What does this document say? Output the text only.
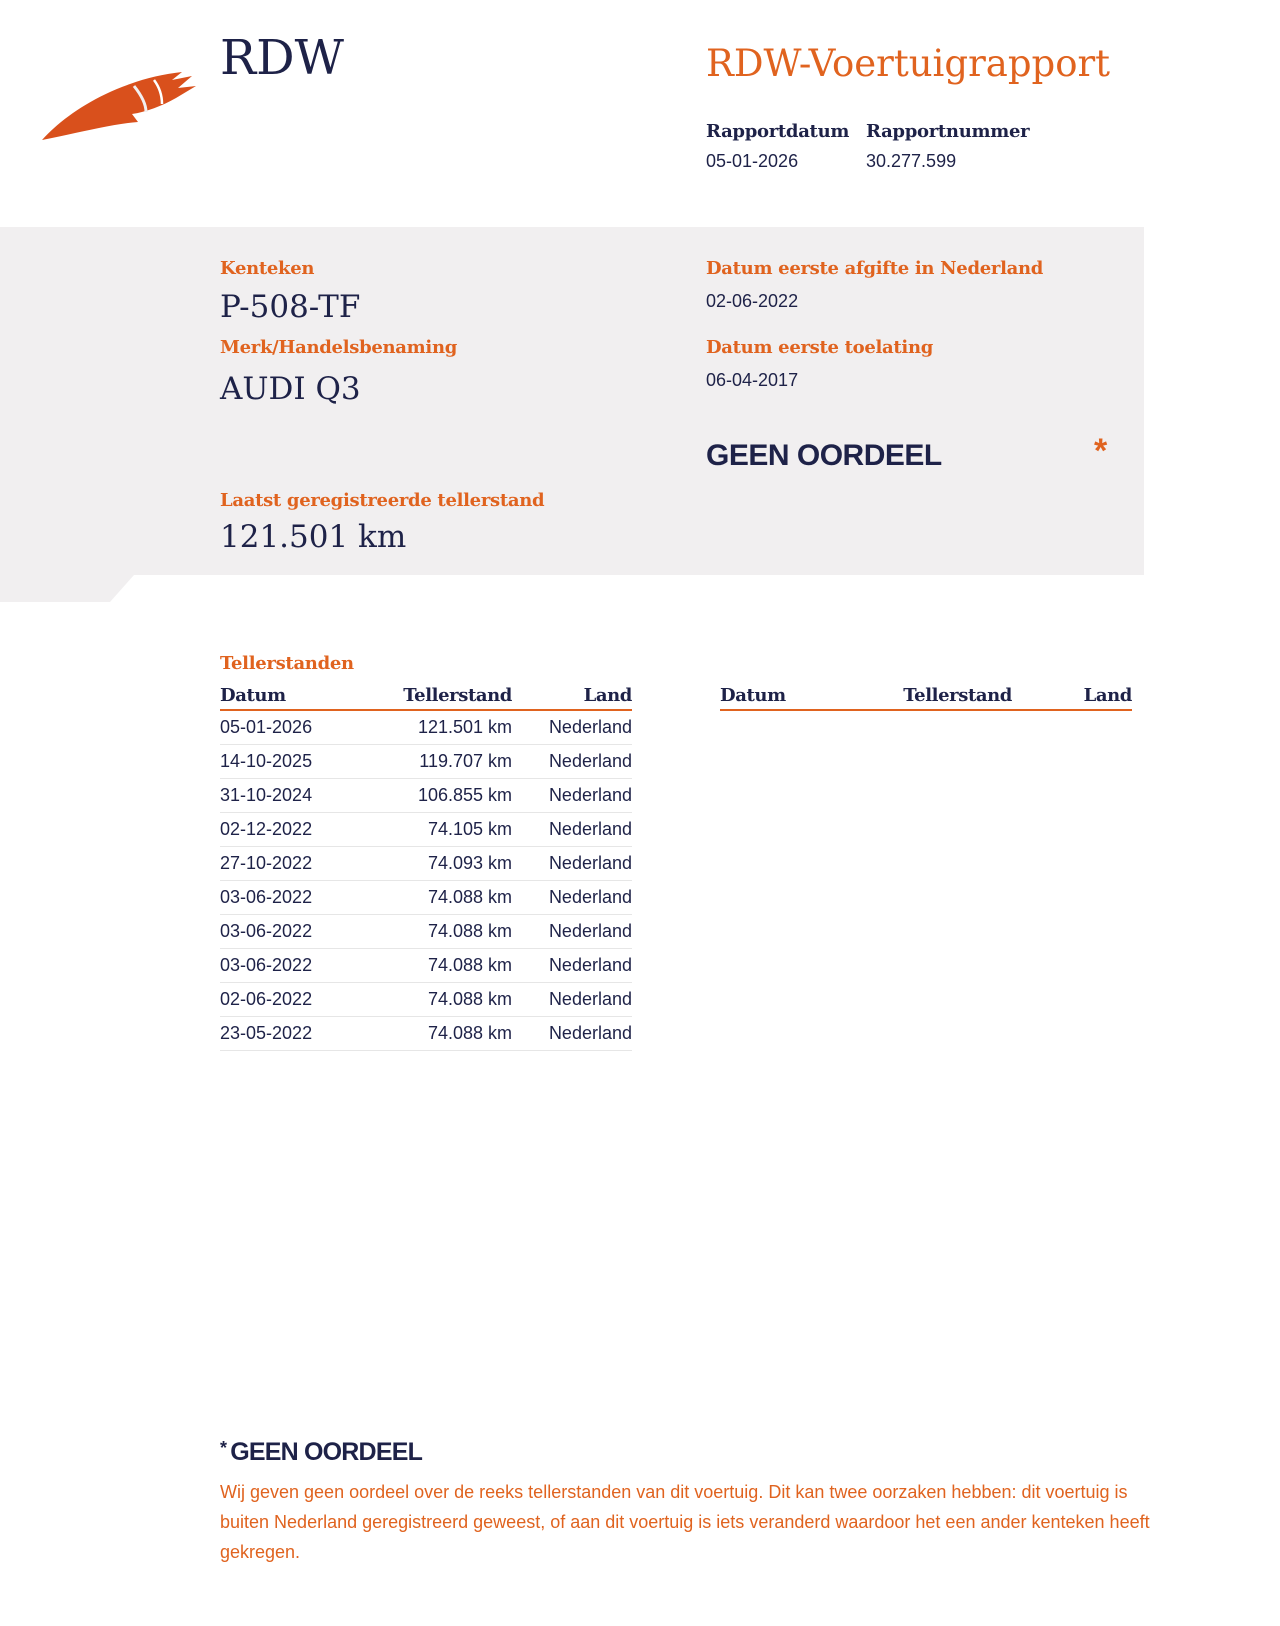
RDW	RDW-Voertuigrapport
Rapportdatum
05-01-2026
Rapportnummer
30.277.599
Kenteken
P-508-TF
Merk/Handelsbenaming
AUDI Q3
Datum eerste afgifte in Nederland
02-06-2022
Datum eerste toelating
06-04-2017
GEEN OORDEEL	*
Laatst geregistreerde tellerstand
121.501 km
Tellerstanden
Datum	Tellerstand	Land
05-01-2026	121.501 km	Nederland
14-10-2025	119.707 km	Nederland
31-10-2024	106.855 km	Nederland
02-12-2022	74.105 km	Nederland
27-10-2022	74.093 km	Nederland
03-06-2022	74.088 km	Nederland
03-06-2022	74.088 km	Nederland
03-06-2022	74.088 km	Nederland
02-06-2022	74.088 km	Nederland
23-05-2022	74.088 km	Nederland
Datum	Tellerstand	Land
* GEEN OORDEEL
Wij geven geen oordeel over de reeks tellerstanden van dit voertuig. Dit kan twee oorzaken hebben: dit voertuig is buiten Nederland geregistreerd geweest, of aan dit voertuig is iets veranderd waardoor het een ander kenteken heeft gekregen.
